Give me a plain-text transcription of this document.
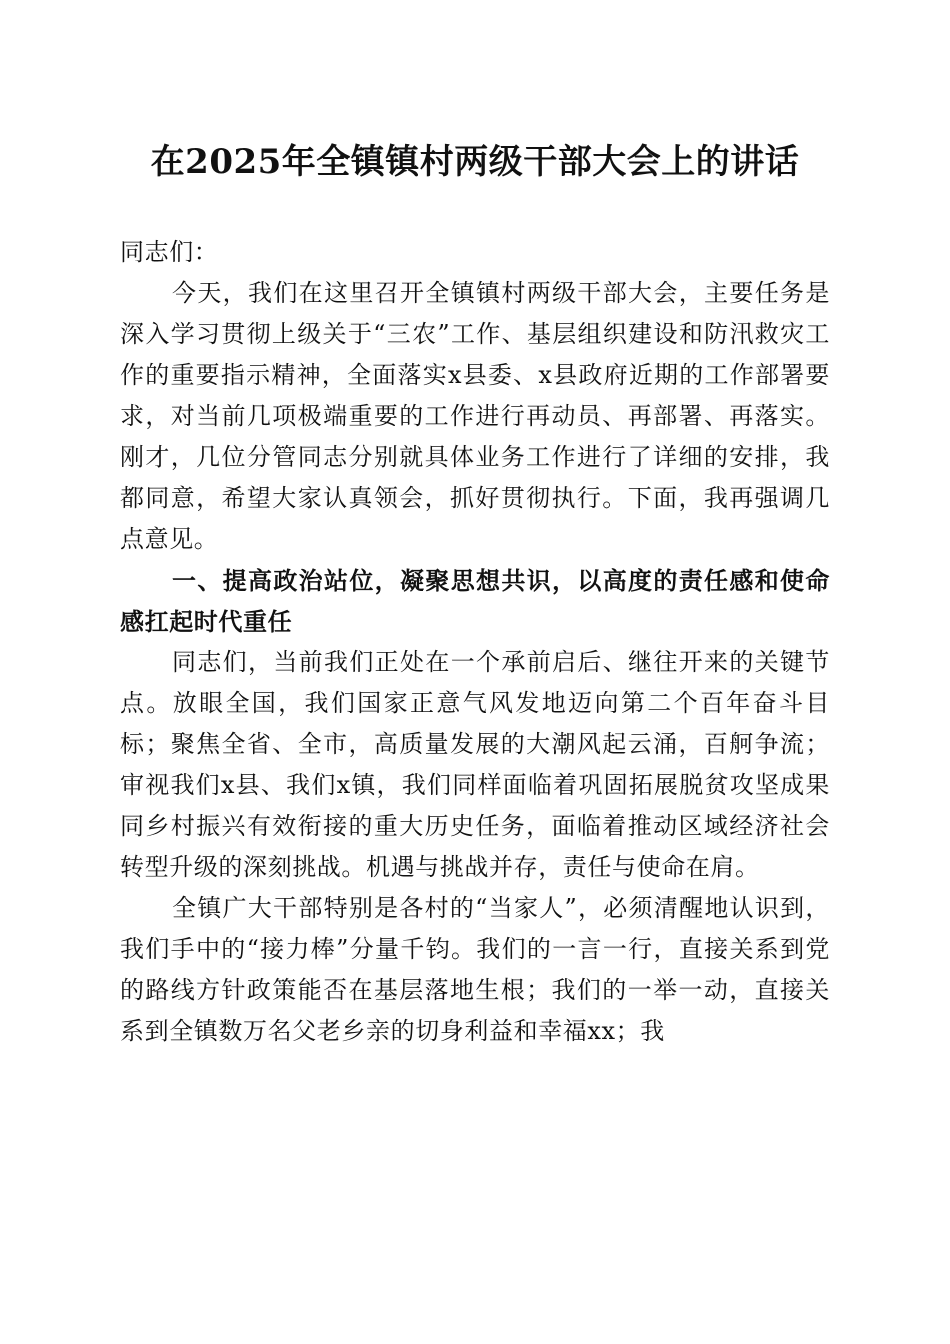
在2025年全镇镇村两级干部大会上的讲话

同志们：

今天，我们在这里召开全镇镇村两级干部大会，主要任务是深入学习贯彻上级关于“三农”工作、基层组织建设和防汛救灾工作的重要指示精神，全面落实x县委、x县政府近期的工作部署要求，对当前几项极端重要的工作进行再动员、再部署、再落实。刚才，几位分管同志分别就具体业务工作进行了详细的安排，我都同意，希望大家认真领会，抓好贯彻执行。下面，我再强调几点意见。

一、提高政治站位，凝聚思想共识，以高度的责任感和使命感扛起时代重任

同志们，当前我们正处在一个承前启后、继往开来的关键节点。放眼全国，我们国家正意气风发地迈向第二个百年奋斗目标；聚焦全省、全市，高质量发展的大潮风起云涌，百舸争流；审视我们x县、我们x镇，我们同样面临着巩固拓展脱贫攻坚成果同乡村振兴有效衔接的重大历史任务，面临着推动区域经济社会转型升级的深刻挑战。机遇与挑战并存，责任与使命在肩。

全镇广大干部特别是各村的“当家人”，必须清醒地认识到，我们手中的“接力棒”分量千钧。我们的一言一行，直接关系到党的路线方针政策能否在基层落地生根；我们的一举一动，直接关系到全镇数万名父老乡亲的切身利益和幸福xx；我
